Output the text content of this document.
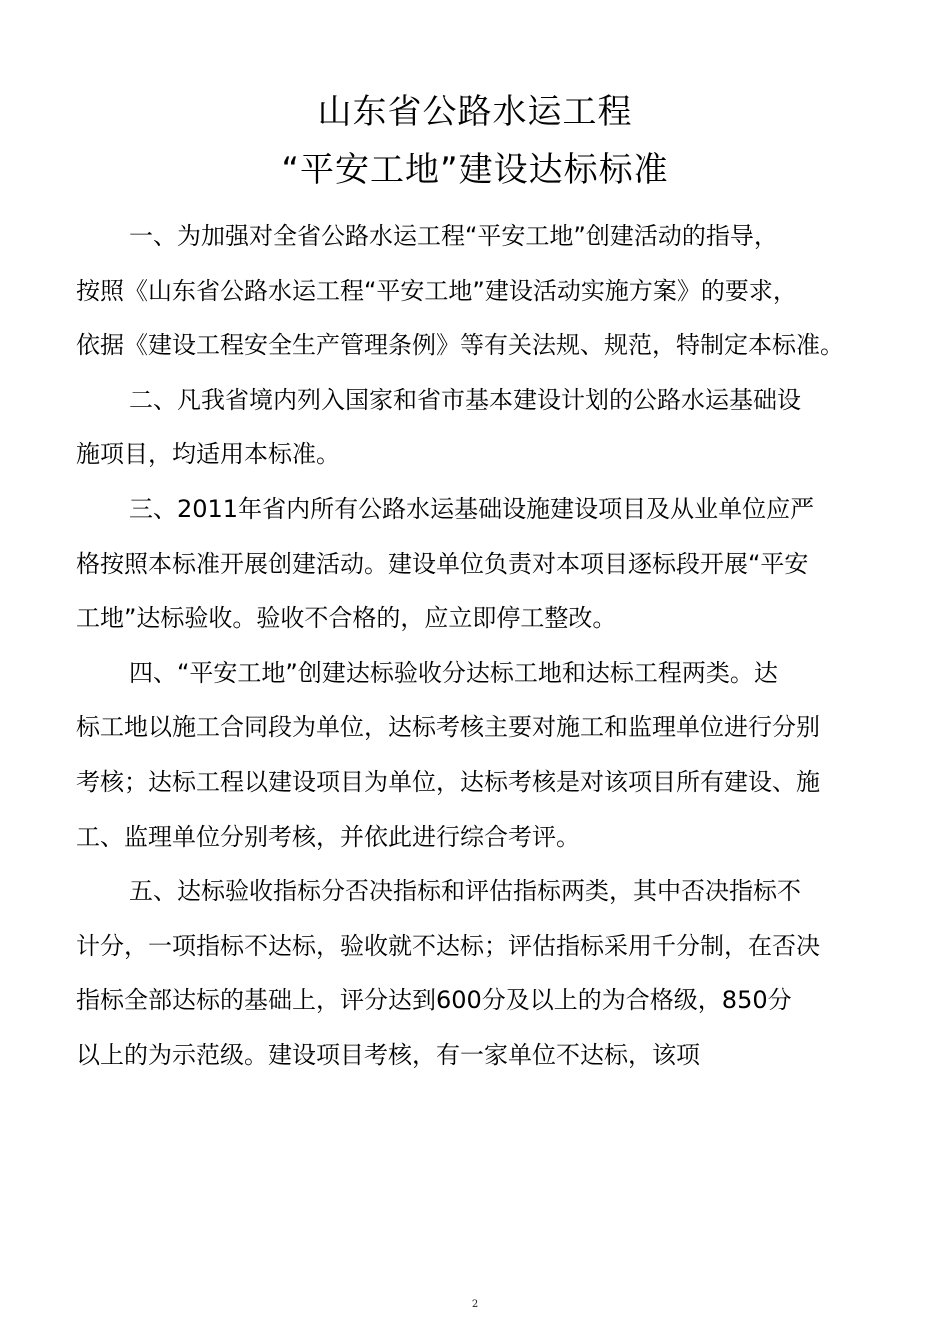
山东省公路水运工程
“平安工地”建设达标标准
一、为加强对全省公路水运工程“平安工地”创建活动的指导，
按照《山东省公路水运工程“平安工地”建设活动实施方案》的要求，
依据《建设工程安全生产管理条例》等有关法规、规范，特制定本标准。
二、凡我省境内列入国家和省市基本建设计划的公路水运基础设
施项目，均适用本标准。
三、2011年省内所有公路水运基础设施建设项目及从业单位应严
格按照本标准开展创建活动。建设单位负责对本项目逐标段开展“平安
工地”达标验收。验收不合格的，应立即停工整改。
四、“平安工地”创建达标验收分达标工地和达标工程两类。达
标工地以施工合同段为单位，达标考核主要对施工和监理单位进行分别
考核；达标工程以建设项目为单位，达标考核是对该项目所有建设、施
工、监理单位分别考核，并依此进行综合考评。
五、达标验收指标分否决指标和评估指标两类，其中否决指标不
计分，一项指标不达标，验收就不达标；评估指标采用千分制，在否决
指标全部达标的基础上，评分达到600分及以上的为合格级，850分
以上的为示范级。建设项目考核，有一家单位不达标，该项
2
